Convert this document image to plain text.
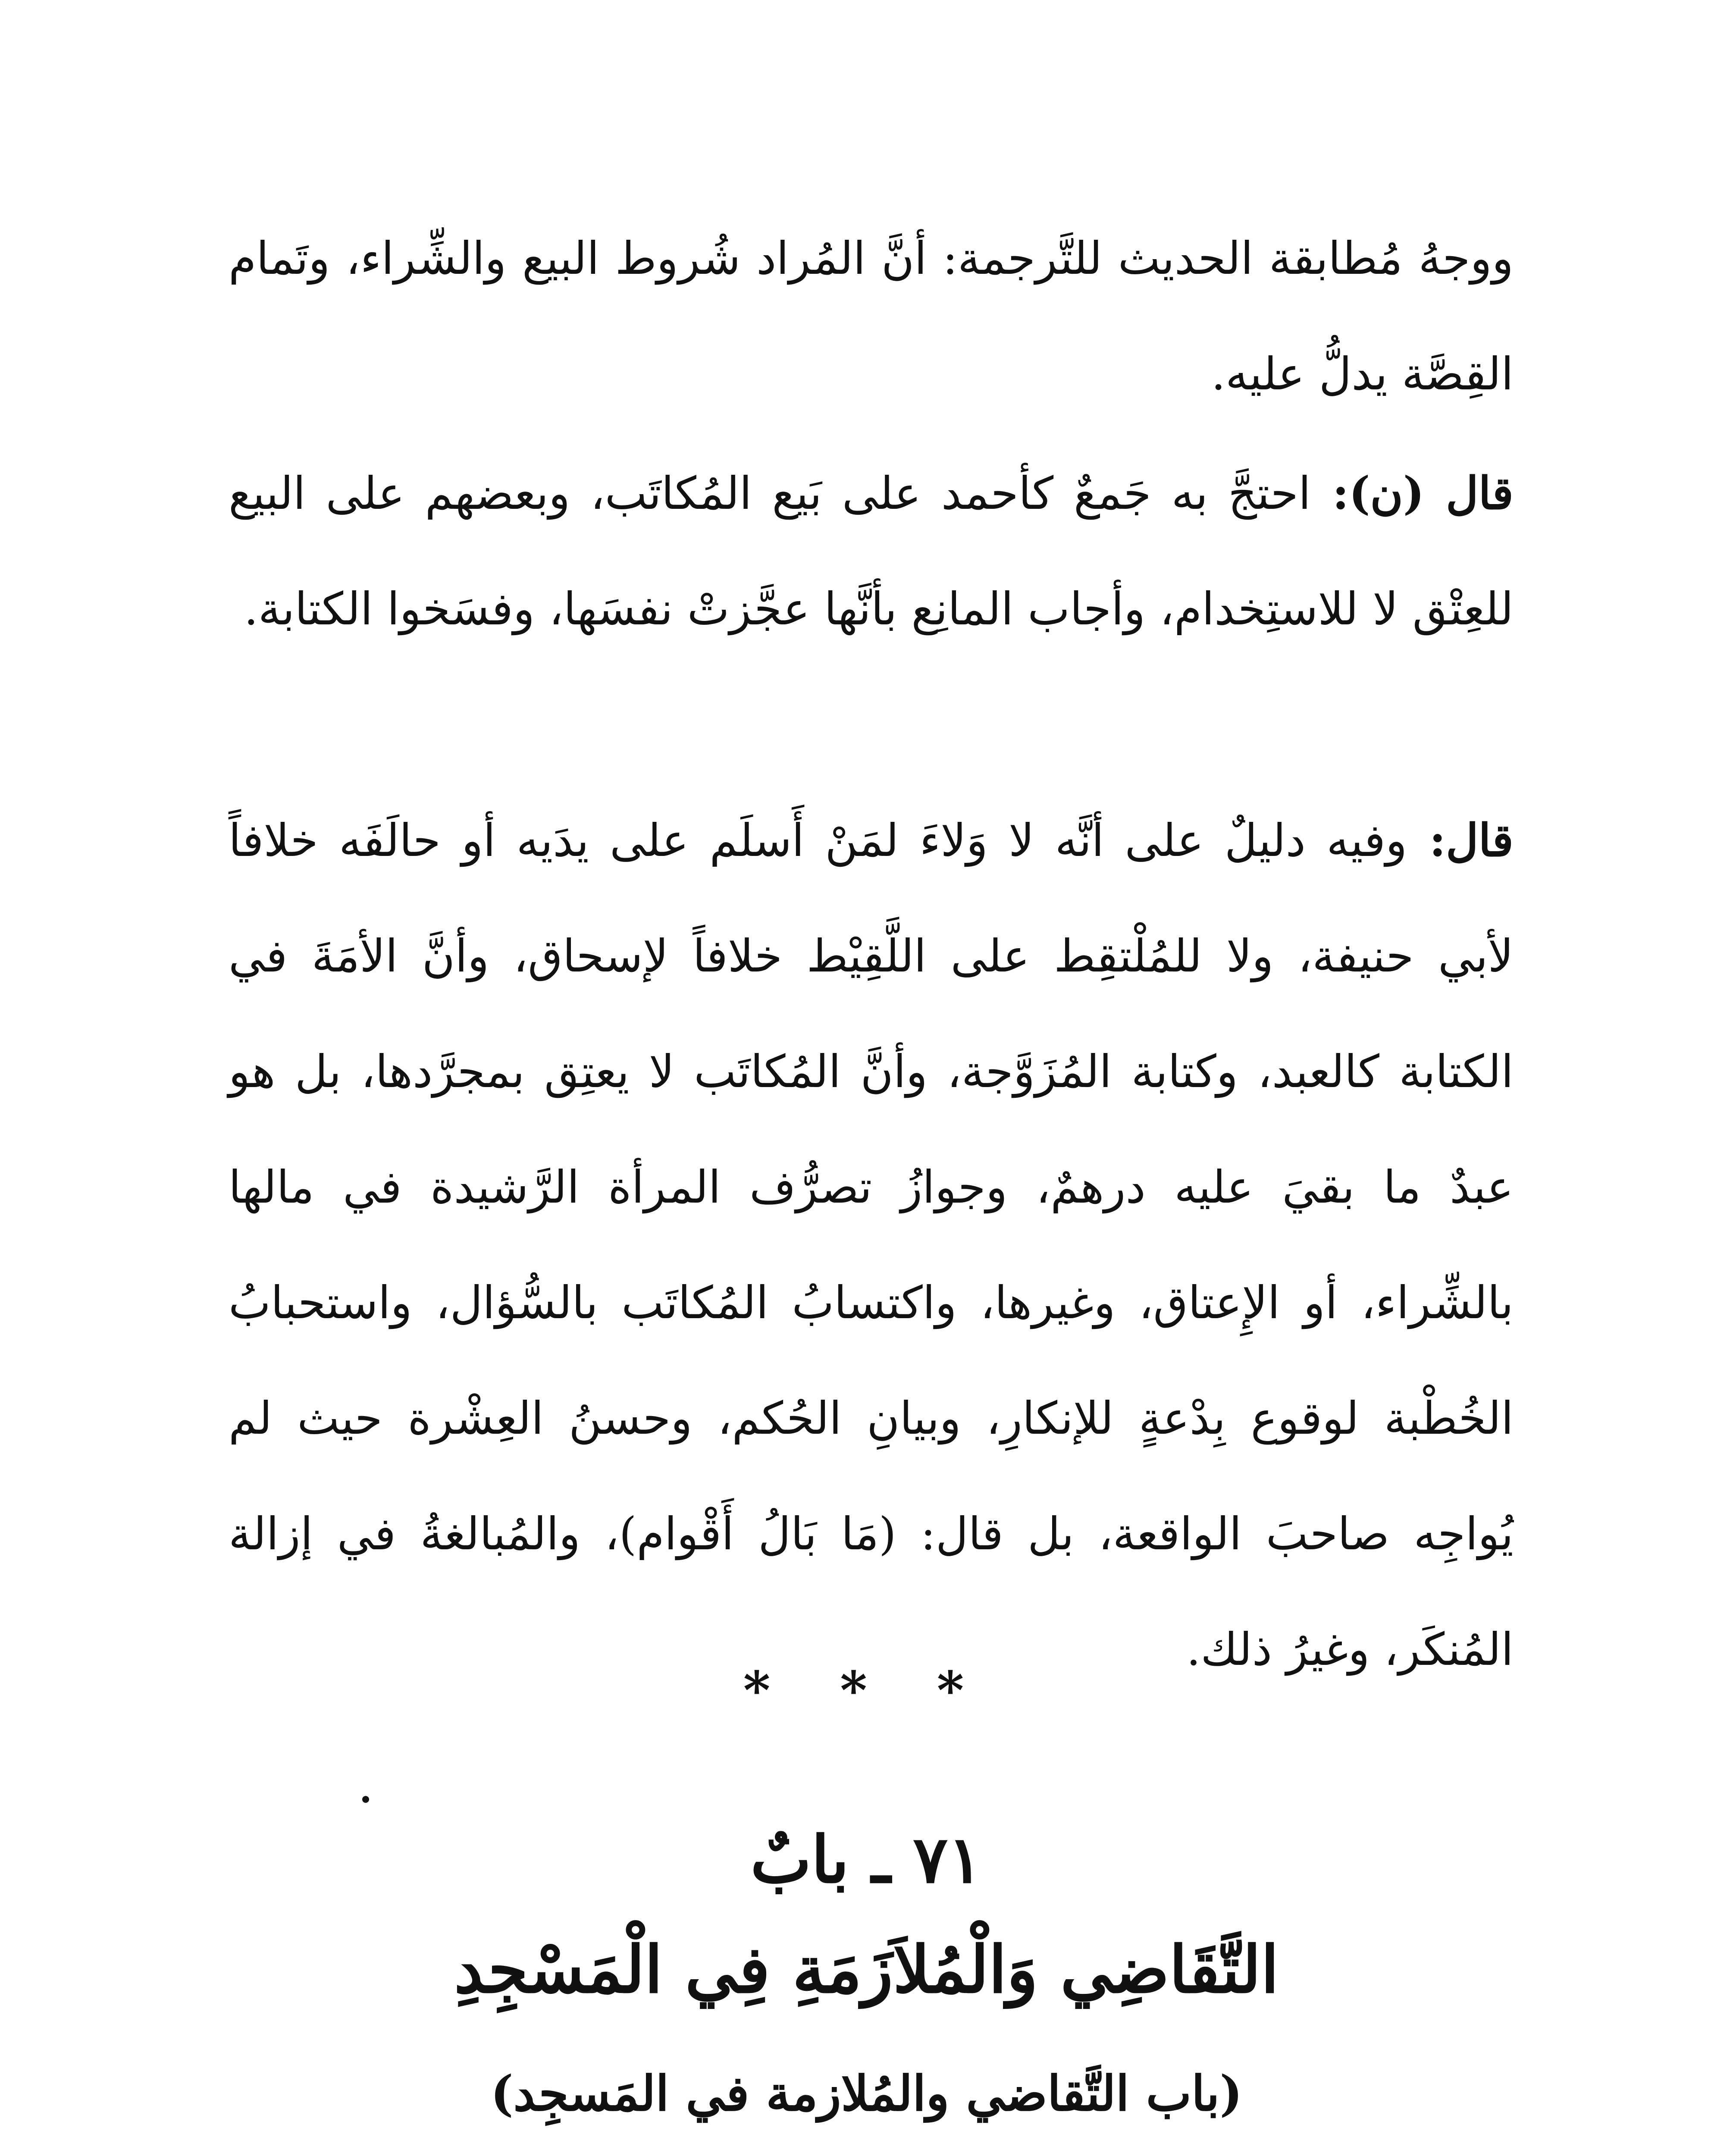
ووجهُ مُطابقة الحديث للتَّرجمة: أنَّ المُراد شُروط البيع والشِّراء، وتَمام القِصَّة يدلُّ عليه.

قال (ن): احتجَّ به جَمعٌ كأحمد على بَيع المُكاتَب، وبعضهم على البيع للعِتْق لا للاستِخدام، وأجاب المانِع بأنَّها عجَّزتْ نفسَها، وفسَخوا الكتابة.

قال: وفيه دليلٌ على أنَّه لا وَلاءَ لمَنْ أَسلَم على يدَيه أو حالَفَه خلافاً لأبي حنيفة، ولا للمُلْتقِط على اللَّقِيْط خلافاً لإسحاق، وأنَّ الأمَةَ في الكتابة كالعبد، وكتابة المُزَوَّجة، وأنَّ المُكاتَب لا يعتِق بمجرَّدها، بل هو عبدٌ ما بقيَ عليه درهمٌ، وجوازُ تصرُّف المرأة الرَّشيدة في مالها بالشِّراء، أو الإِعتاق، وغيرها، واكتسابُ المُكاتَب بالسُّؤال، واستحبابُ الخُطْبة لوقوع بِدْعةٍ للإنكارِ، وبيانِ الحُكم، وحسنُ العِشْرة حيث لم يُواجِه صاحبَ الواقعة، بل قال: (مَا بَالُ أَقْوام)، والمُبالغةُ في إزالة المُنكَر، وغيرُ ذلك.

* * *
٧١ ـ بابٌ
التَّقَاضِي وَالْمُلاَزَمَةِ فِي الْمَسْجِدِ
(باب التَّقاضي والمُلازمة في المَسجِد)
